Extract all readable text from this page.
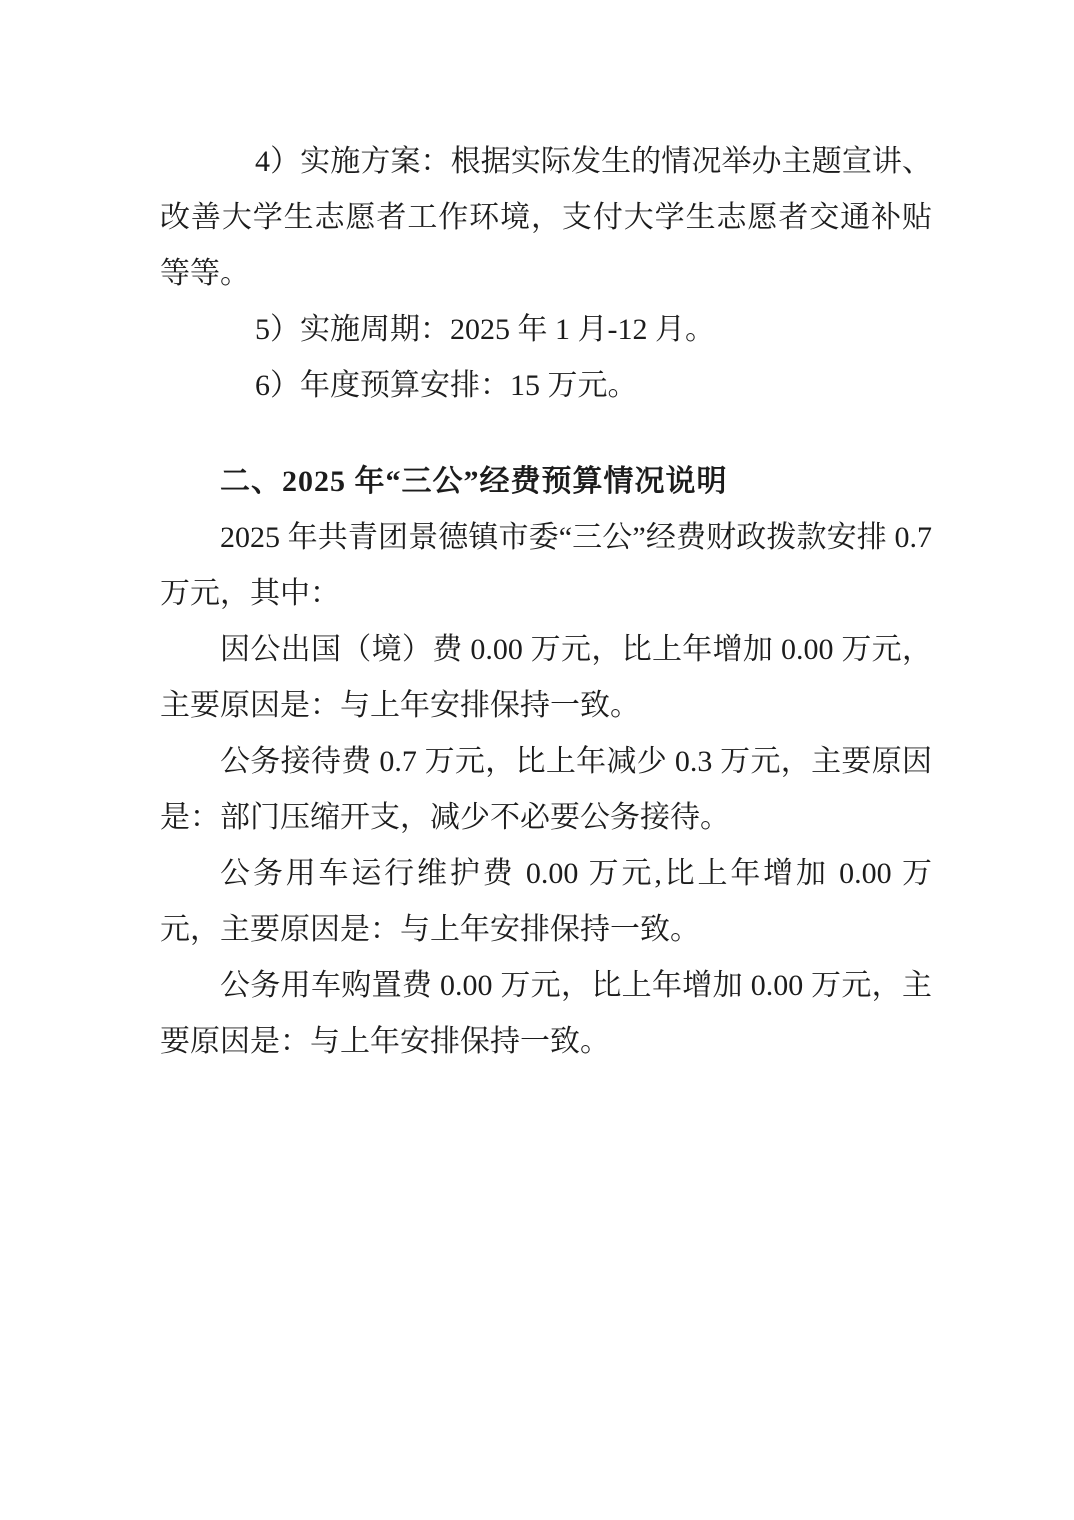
4）实施方案：根据实际发生的情况举办主题宣讲、改善大学生志愿者工作环境，支付大学生志愿者交通补贴等等。

5）实施周期：2025 年 1 月-12 月。

6）年度预算安排：15 万元。

二、2025 年“三公”经费预算情况说明

2025 年共青团景德镇市委“三公”经费财政拨款安排 0.7 万元，其中：

因公出国（境）费 0.00 万元，比上年增加 0.00 万元，主要原因是：与上年安排保持一致。

公务接待费 0.7 万元，比上年减少 0.3 万元，主要原因是：部门压缩开支，减少不必要公务接待。

公务用车运行维护费 0.00 万元,比上年增加 0.00 万元，主要原因是：与上年安排保持一致。

公务用车购置费 0.00 万元，比上年增加 0.00 万元，主要原因是：与上年安排保持一致。
